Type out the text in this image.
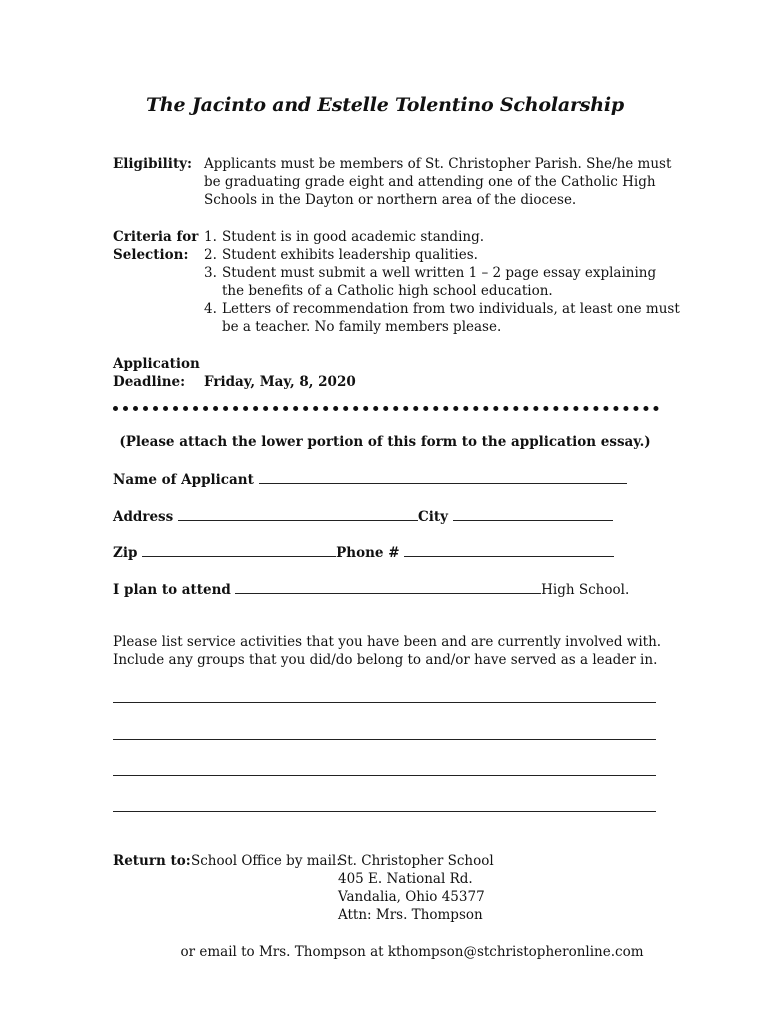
The Jacinto and Estelle Tolentino Scholarship
Eligibility: Applicants must be members of St. Christopher Parish. She/he must
be graduating grade eight and attending one of the Catholic High
Schools in the Dayton or northern area of the diocese.
Criteria for
Selection:
1. Student is in good academic standing.
2. Student exhibits leadership qualities.
3. Student must submit a well written 1 – 2 page essay explaining
the benefits of a Catholic high school education.
4. Letters of recommendation from two individuals, at least one must
be a teacher. No family members please.
Application
Deadline:	Friday, May, 8, 2020
(Please attach the lower portion of this form to the application essay.)
Name of Applicant
Address	City
Zip	Phone #
I plan to attend	High School.
Please list service activities that you have been and are currently involved with.
Include any groups that you did/do belong to and/or have served as a leader in.
Return to: School Office by mail:
St. Christopher School
405 E. National Rd.
Vandalia, Ohio 45377
Attn: Mrs. Thompson
or email to Mrs. Thompson at kthompson@stchristopheronline.com
